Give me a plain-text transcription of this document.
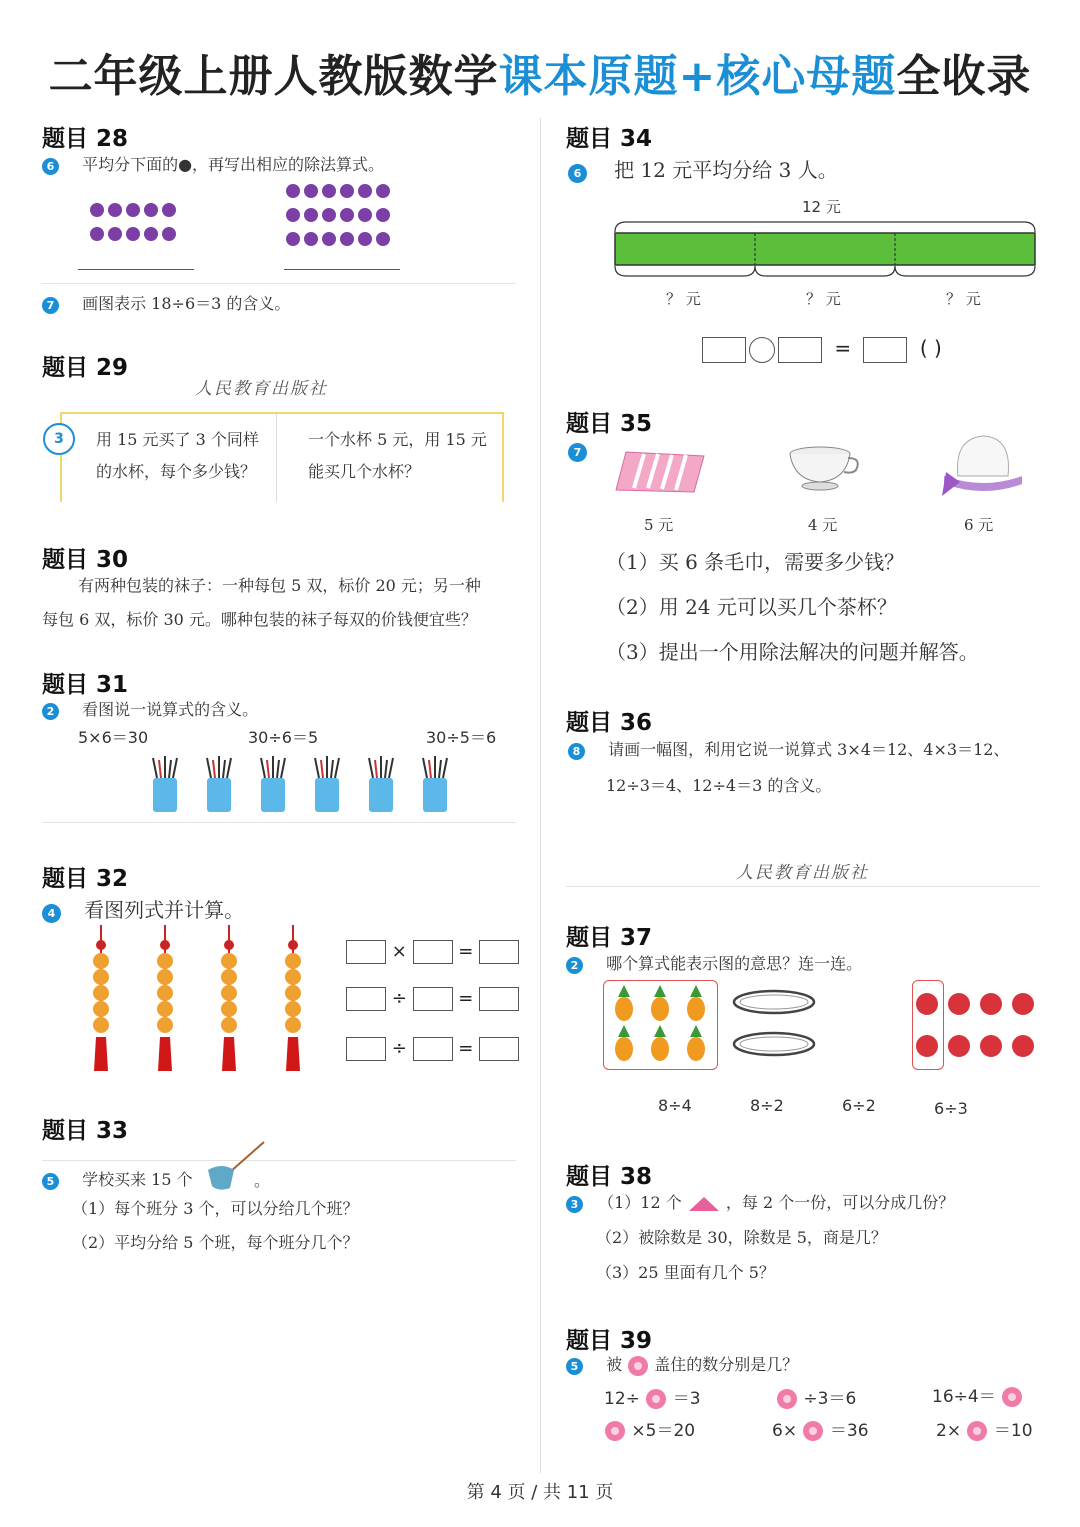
二年级上册人教版数学课本原题+核心母题全收录
题目 28
6 平均分下面的●，再写出相应的除法算式。

7 画图表示 18÷6＝3 的含义。
题目 29
人民教育出版社
用 15 元买了 3 个同样的水杯，每个多少钱？
一个水杯 5 元，用 15 元能买几个水杯？
3
题目 30
有两种包装的袜子：一种每包 5 双，标价 20 元；另一种
每包 6 双，标价 30 元。哪种包装的袜子每双的价钱便宜些？
题目 31
2 看图说一说算式的含义。
5×6＝30	30÷6＝5	30÷5＝6
题目 32
4 看图列式并计算。
×	=
÷	=
÷	=
题目 33
5 学校买来 15 个	。
（1）每个班分 3 个，可以分给几个班？
（2）平均分给 5 个班，每个班分几个？
题目 34
6 把 12 元平均分给 3 人。
12 元
？ 元	？ 元	？ 元
=	( )
题目 35
7
5 元	4 元	6 元
（1）买 6 条毛巾，需要多少钱？
（2）用 24 元可以买几个茶杯？
（3）提出一个用除法解决的问题并解答。
题目 36
8 请画一幅图，利用它说一说算式 3×4＝12、4×3＝12、
12÷3＝4、12÷4＝3 的含义。
人民教育出版社
题目 37
2 哪个算式能表示图的意思？连一连。
8÷4	8÷2	6÷2	6÷3
题目 38
3 （1）12 个	，每 2 个一份，可以分成几份？
（2）被除数是 30，除数是 5，商是几？
（3）25 里面有几个 5？
题目 39
5 被 盖住的数分别是几？
12÷ ＝3	÷3＝6	16÷4＝
×5＝20	6× ＝36	2× ＝10
第 4 页 / 共 11 页
